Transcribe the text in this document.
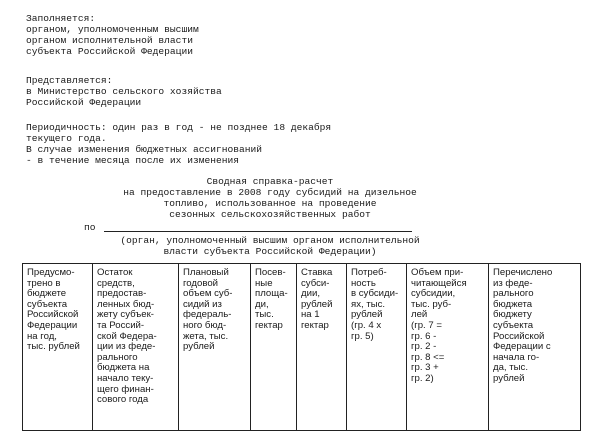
Заполняется:
органом, уполномоченным высшим
органом исполнительной власти
субъекта Российской Федерации
Представляется:
в Министерство сельского хозяйства
Российской Федерации
Периодичность: один раз в год - не позднее 18 декабря
текущего года.
В случае изменения бюджетных ассигнований
- в течение месяца после их изменения
Сводная справка-расчет
на предоставление в 2008 году субсидий на дизельное
топливо, использованное на проведение
сезонных сельскохозяйственных работ
по
(орган, уполномоченный высшим органом исполнительной
власти субъекта Российской Федерации)
Предусмо-
трено в
бюджете
субъекта
Российской
Федерации
на год,
тыс. рублей

Остаток
средств,
предостав-
ленных бюд-
жету субъек-
та Россий-
ской Федера-
ции из феде-
рального
бюджета на
начало теку-
щего финан-
сового года

Плановый
годовой
объем суб-
сидий из
федераль-
ного бюд-
жета, тыс.
рублей

Посев-
ные
площа-
ди,
тыс.
гектар

Ставка
субси-
дии,
рублей
на 1
гектар

Потреб-
ность
в субсиди-
ях, тыс.
рублей
(гр. 4 х
гр. 5)

Объем при-
читающейся
субсидии,
тыс. руб-
лей
(гр. 7 =
гр. 6 -
гр. 2 -
гр. 8 <=
гр. 3 +
гр. 2)

Перечислено
из феде-
рального
бюджета
бюджету
субъекта
Российской
Федерации с
начала го-
да, тыс.
рублей
